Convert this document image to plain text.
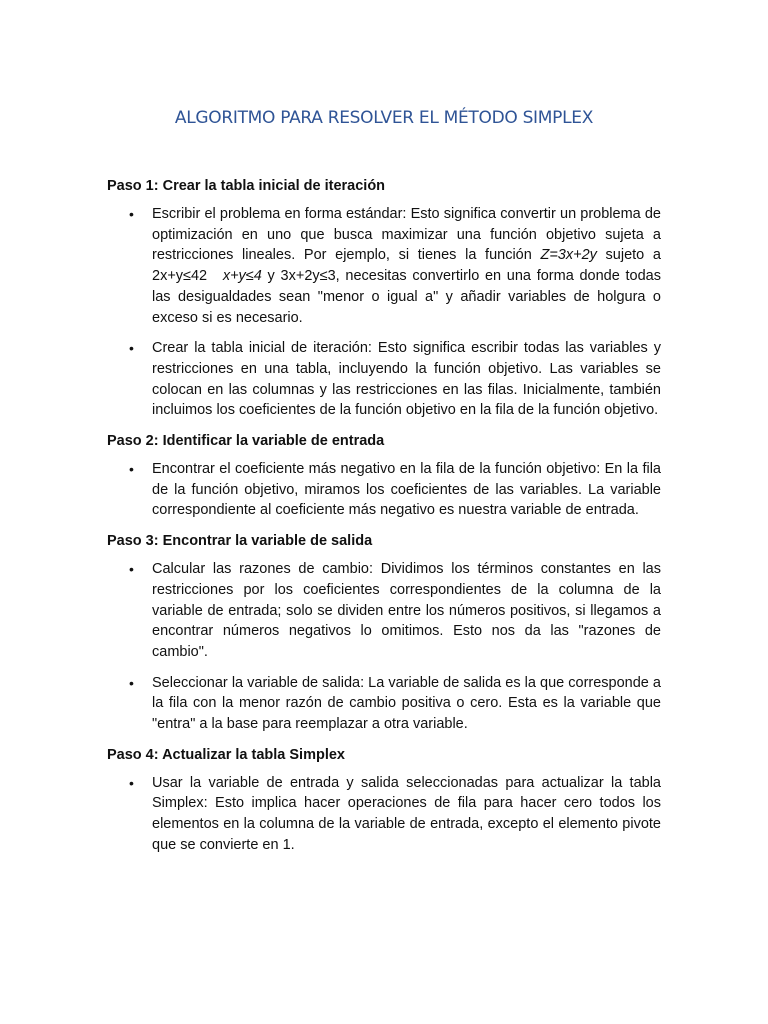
ALGORITMO PARA RESOLVER EL MÉTODO SIMPLEX

Paso 1: Crear la tabla inicial de iteración

• Escribir el problema en forma estándar: Esto significa convertir un problema de optimización en uno que busca maximizar una función objetivo sujeta a restricciones lineales. Por ejemplo, si tienes la función Z=3x+2y sujeto a 2x+y≤42 x+y≤4 y 3x+2y≤3, necesitas convertirlo en una forma donde todas las desigualdades sean "menor o igual a" y añadir variables de holgura o exceso si es necesario.
• Crear la tabla inicial de iteración: Esto significa escribir todas las variables y restricciones en una tabla, incluyendo la función objetivo. Las variables se colocan en las columnas y las restricciones en las filas. Inicialmente, también incluimos los coeficientes de la función objetivo en la fila de la función objetivo.

Paso 2: Identificar la variable de entrada

• Encontrar el coeficiente más negativo en la fila de la función objetivo: En la fila de la función objetivo, miramos los coeficientes de las variables. La variable correspondiente al coeficiente más negativo es nuestra variable de entrada.

Paso 3: Encontrar la variable de salida

• Calcular las razones de cambio: Dividimos los términos constantes en las restricciones por los coeficientes correspondientes de la columna de la variable de entrada; solo se dividen entre los números positivos, si llegamos a encontrar números negativos lo omitimos. Esto nos da las "razones de cambio".
• Seleccionar la variable de salida: La variable de salida es la que corresponde a la fila con la menor razón de cambio positiva o cero. Esta es la variable que "entra" a la base para reemplazar a otra variable.

Paso 4: Actualizar la tabla Simplex

• Usar la variable de entrada y salida seleccionadas para actualizar la tabla Simplex: Esto implica hacer operaciones de fila para hacer cero todos los elementos en la columna de la variable de entrada, excepto el elemento pivote que se convierte en 1.
